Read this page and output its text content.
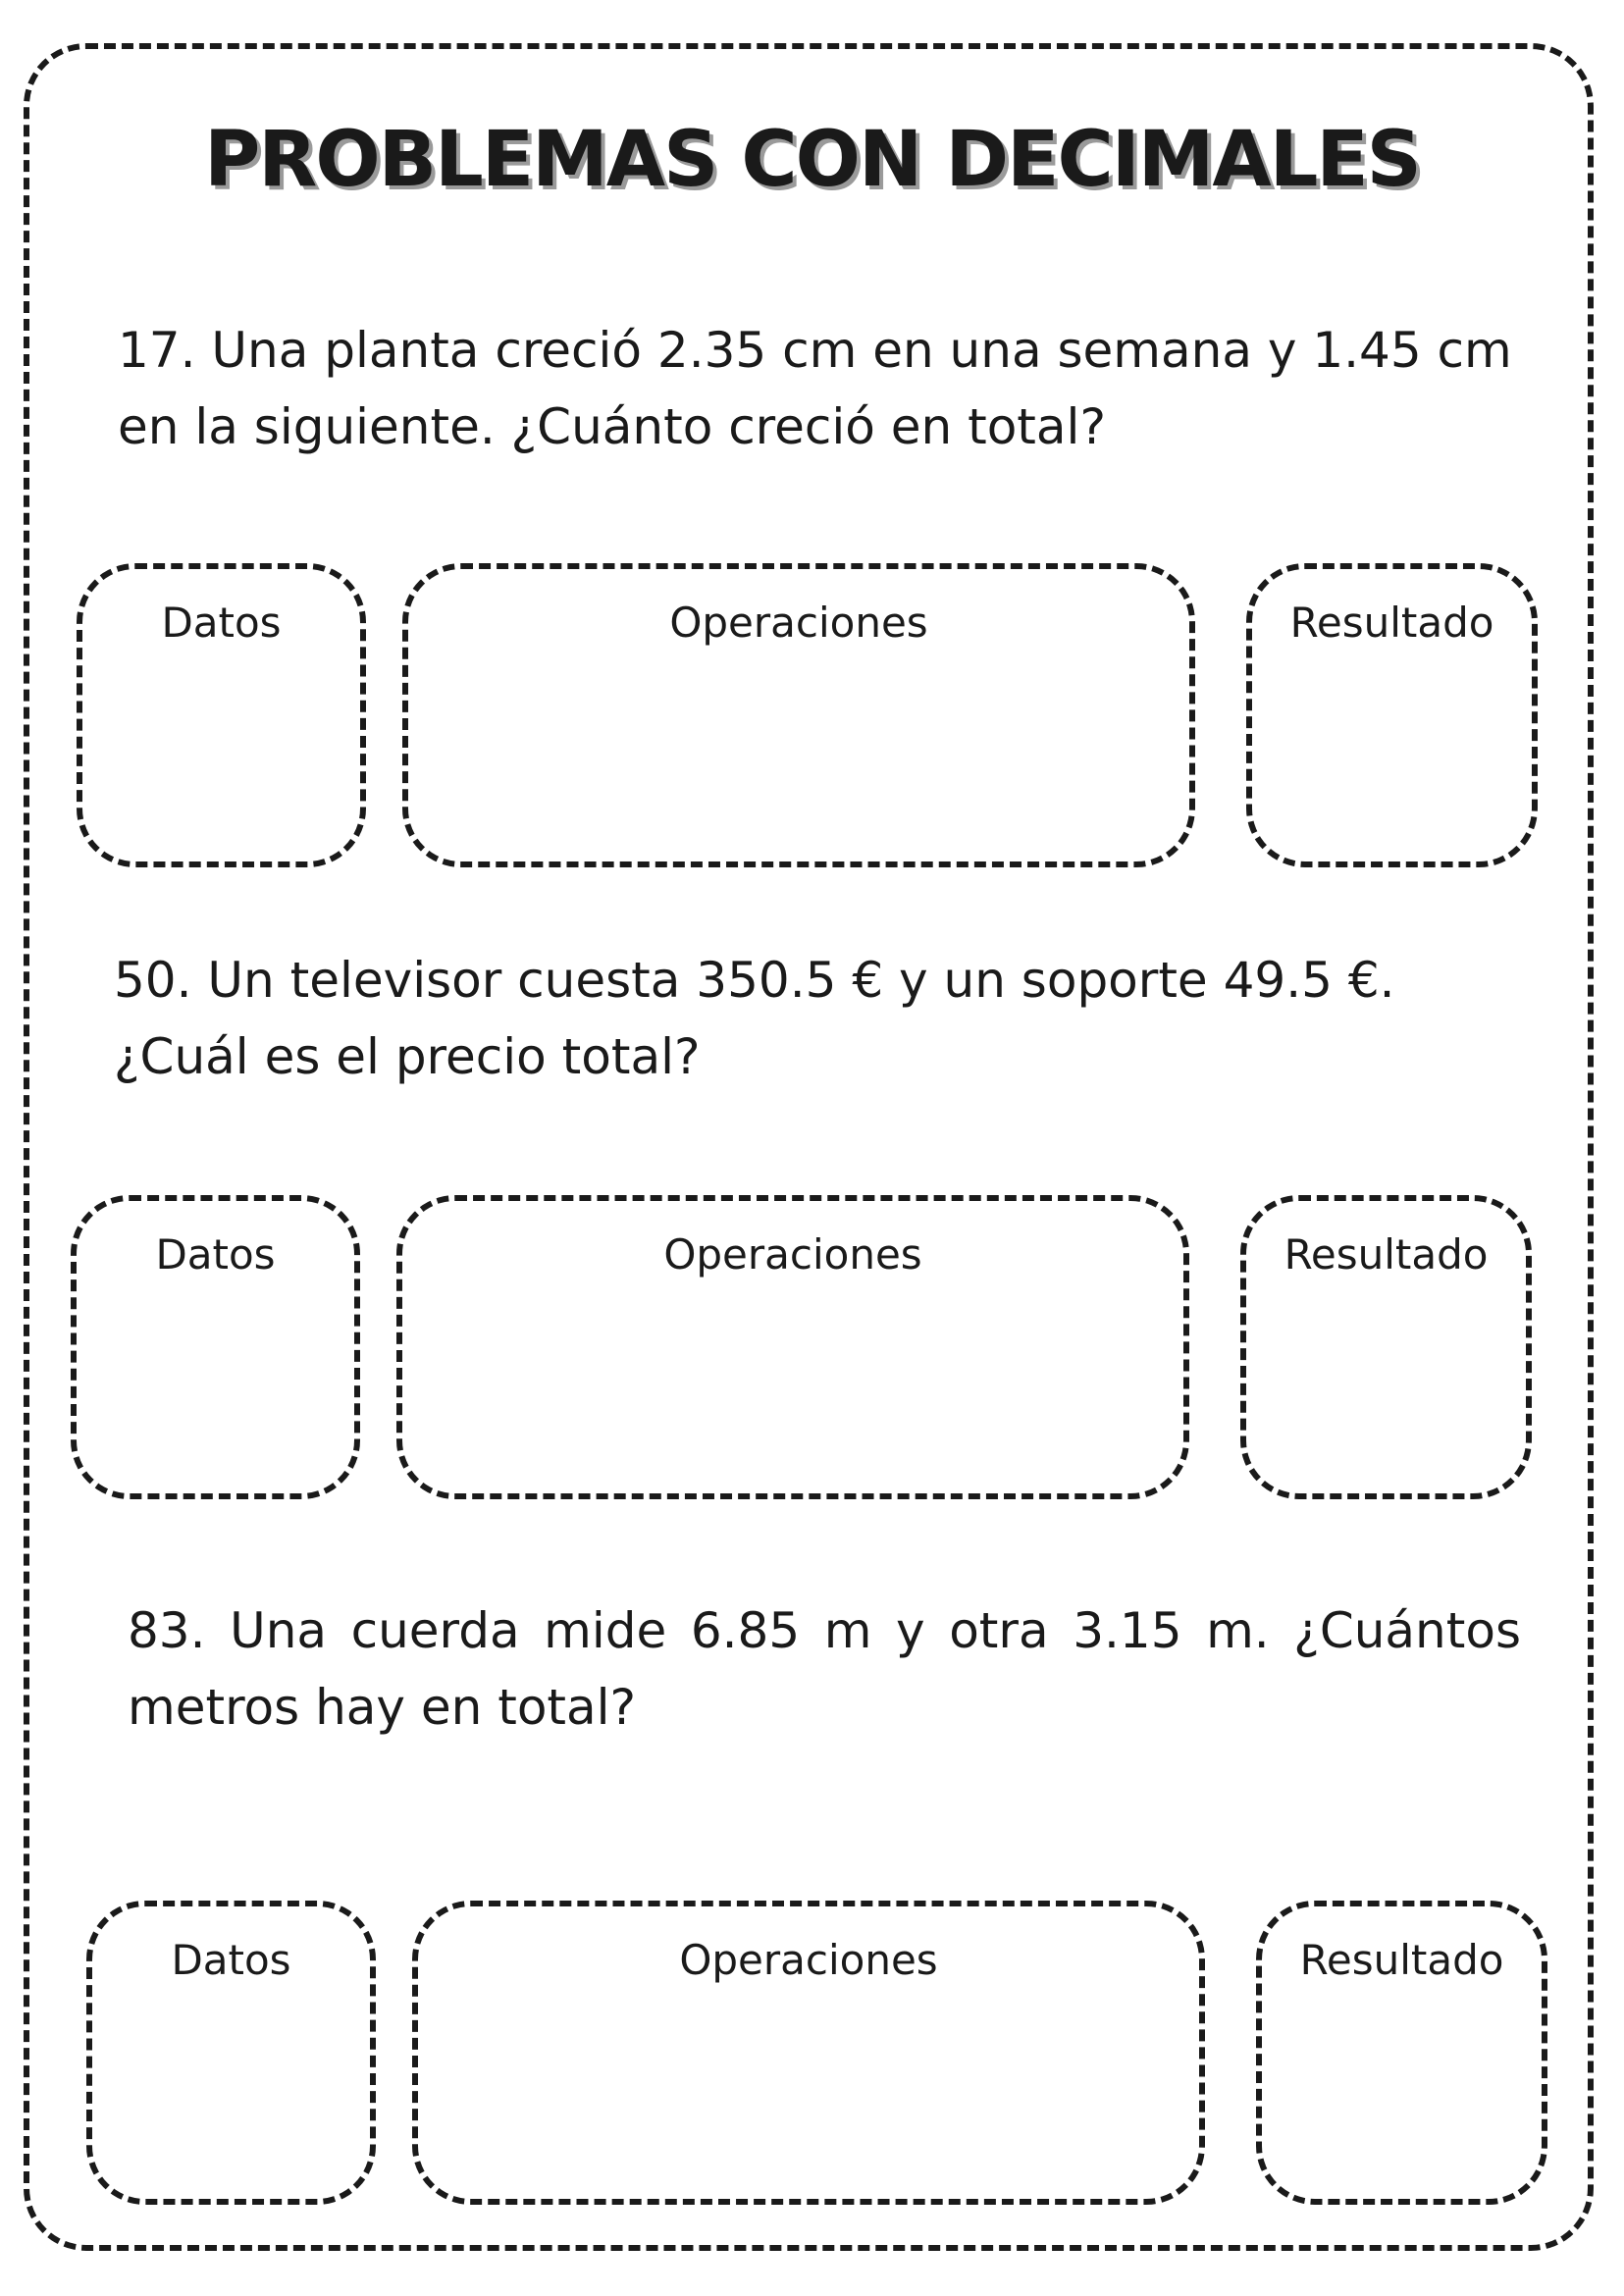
PROBLEMAS CON DECIMALES
17. Una planta creció 2.35 cm en una semana y 1.45 cm en la siguiente. ¿Cuánto creció en total?
Datos	Operaciones	Resultado
50. Un televisor cuesta 350.5 € y un soporte 49.5 €. ¿Cuál es el precio total?
Datos	Operaciones	Resultado
83. Una cuerda mide 6.85 m y otra 3.15 m. ¿Cuántos metros hay en total?
Datos	Operaciones	Resultado
